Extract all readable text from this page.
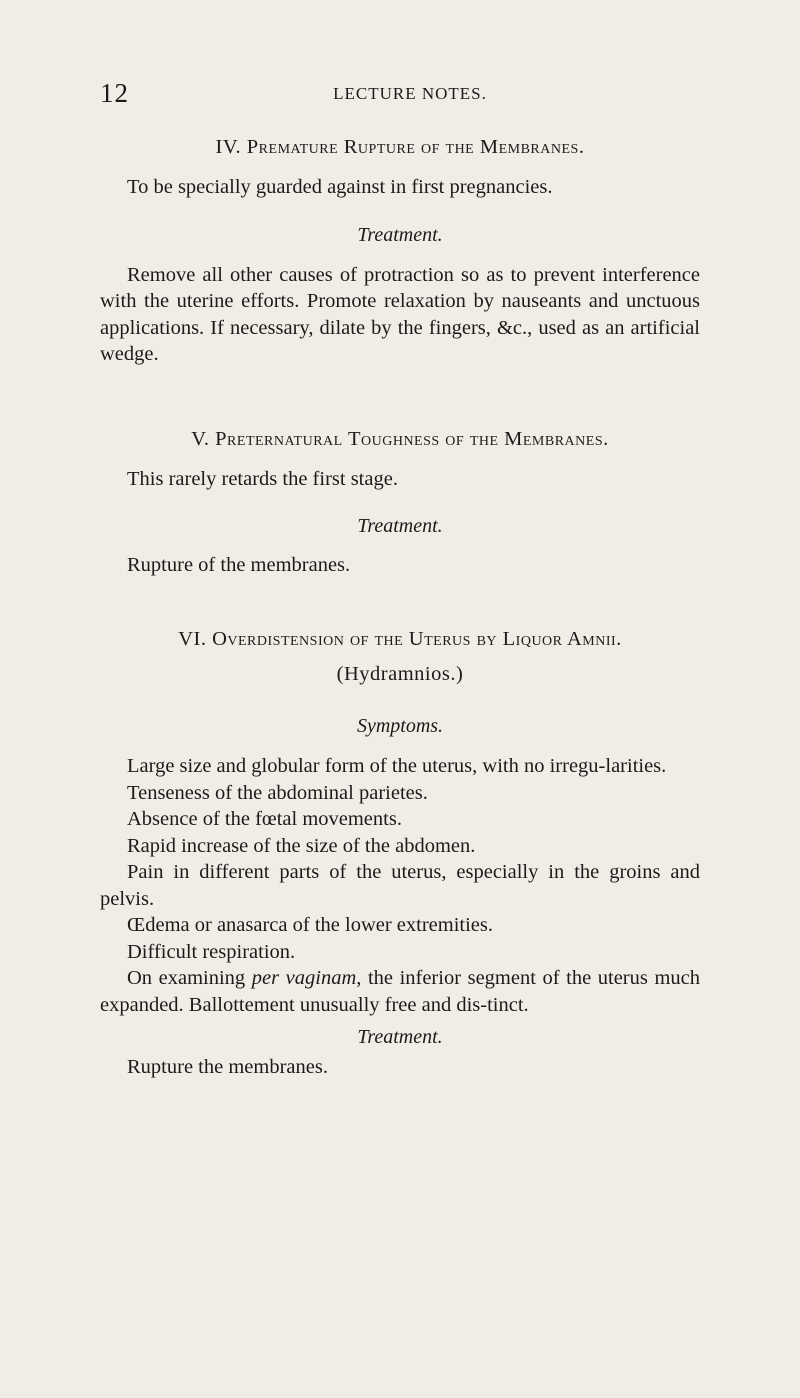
12	LECTURE NOTES.
IV. Premature Rupture of the Membranes.

To be specially guarded against in first pregnancies.

Treatment.

Remove all other causes of protraction so as to prevent interference with the uterine efforts. Promote relaxation by nauseants and unctuous applications. If necessary, dilate by the fingers, &c., used as an artificial wedge.

V. Preternatural Toughness of the Membranes.

This rarely retards the first stage.

Treatment.

Rupture of the membranes.

VI. Overdistension of the Uterus by Liquor Amnii.
(Hydramnios.)
Symptoms.

Large size and globular form of the uterus, with no irregu-larities.

Tenseness of the abdominal parietes.

Absence of the fœtal movements.

Rapid increase of the size of the abdomen.

Pain in different parts of the uterus, especially in the groins and pelvis.

Œdema or anasarca of the lower extremities.

Difficult respiration.

On examining per vaginam, the inferior segment of the uterus much expanded. Ballottement unusually free and dis-tinct.

Treatment.

Rupture the membranes.
